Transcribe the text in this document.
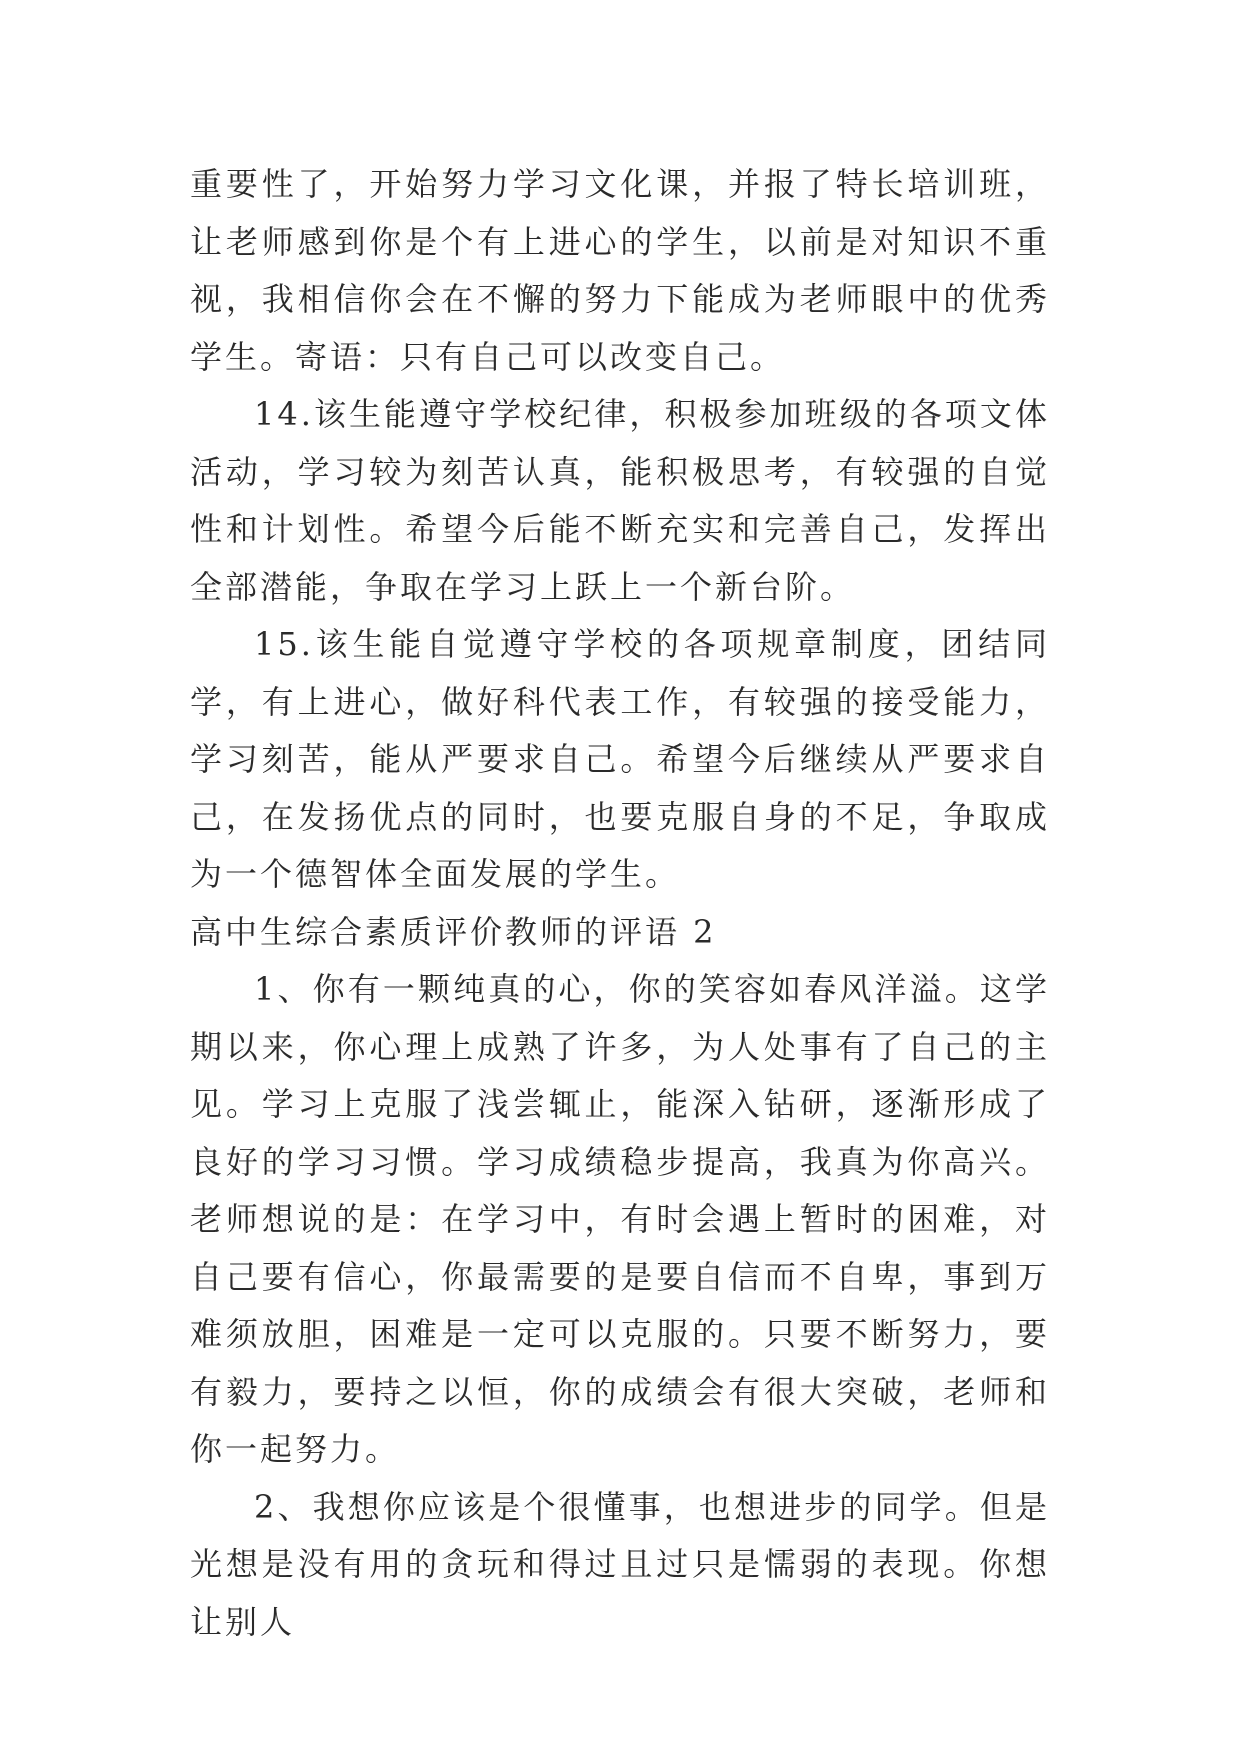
重要性了，开始努力学习文化课，并报了特长培训班，让老师感到你是个有上进心的学生，以前是对知识不重视，我相信你会在不懈的努力下能成为老师眼中的优秀学生。寄语：只有自己可以改变自己。

14.该生能遵守学校纪律，积极参加班级的各项文体活动，学习较为刻苦认真，能积极思考，有较强的自觉性和计划性。希望今后能不断充实和完善自己，发挥出全部潜能，争取在学习上跃上一个新台阶。

15.该生能自觉遵守学校的各项规章制度，团结同学，有上进心，做好科代表工作，有较强的接受能力，学习刻苦，能从严要求自己。希望今后继续从严要求自己，在发扬优点的同时，也要克服自身的不足，争取成为一个德智体全面发展的学生。

高中生综合素质评价教师的评语 2

1、你有一颗纯真的心，你的笑容如春风洋溢。这学期以来，你心理上成熟了许多，为人处事有了自己的主见。学习上克服了浅尝辄止，能深入钻研，逐渐形成了良好的学习习惯。学习成绩稳步提高，我真为你高兴。老师想说的是：在学习中，有时会遇上暂时的困难，对自己要有信心，你最需要的是要自信而不自卑，事到万难须放胆，困难是一定可以克服的。只要不断努力，要有毅力，要持之以恒，你的成绩会有很大突破，老师和你一起努力。

2、我想你应该是个很懂事，也想进步的同学。但是光想是没有用的贪玩和得过且过只是懦弱的表现。你想让别人
